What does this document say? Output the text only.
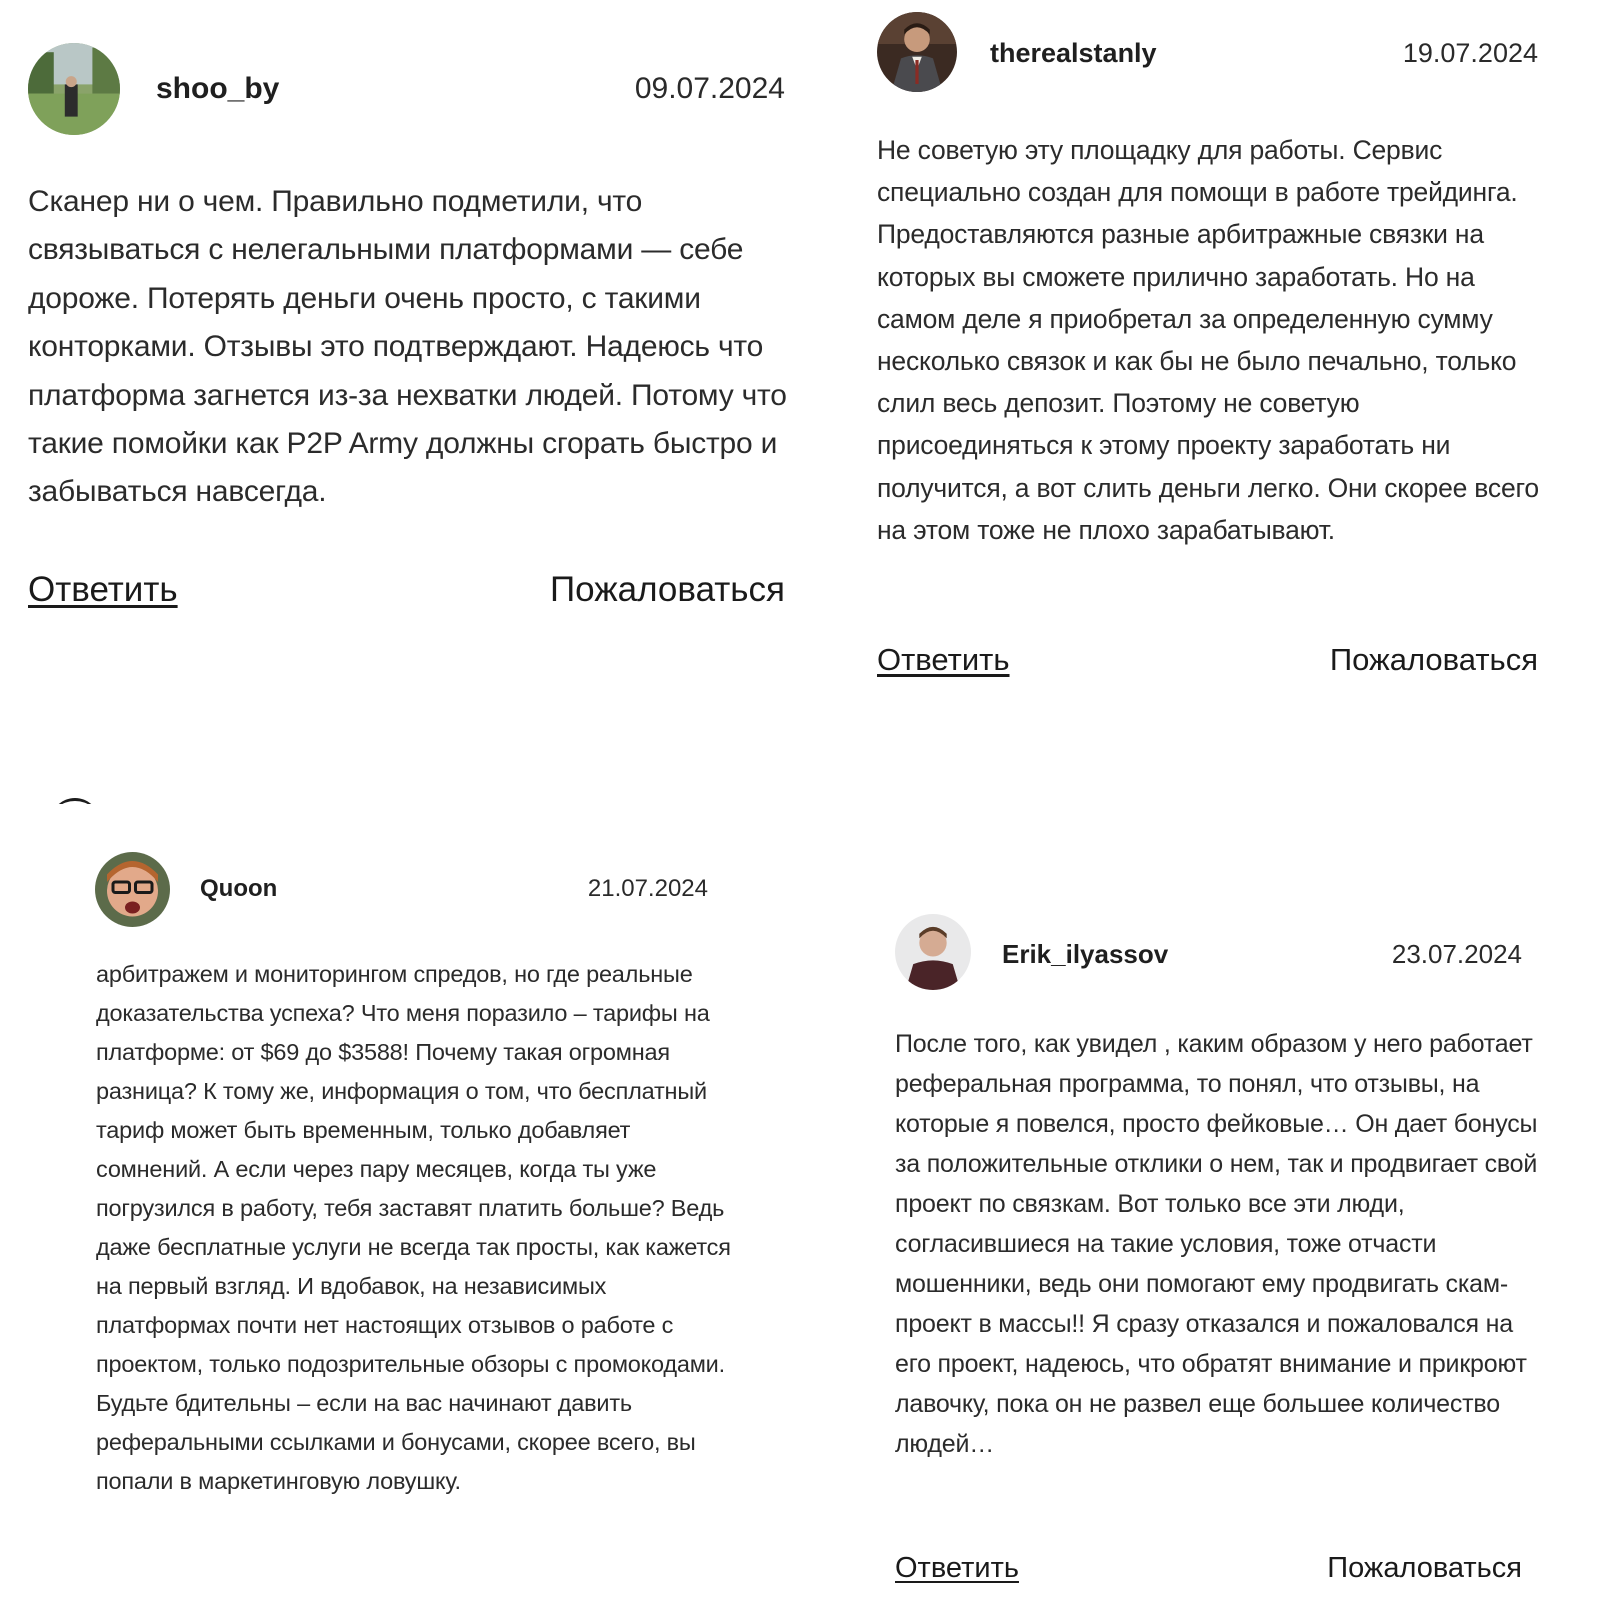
shoo_by	09.07.2024

Сканер ни о чем. Правильно подметили, что связываться с нелегальными платформами — себе дороже. Потерять деньги очень просто, с такими конторками. Отзывы это подтверждают. Надеюсь что платформа загнется из-за нехватки людей. Потому что такие помойки как P2P Army должны сгорать быстро и забываться навсегда.

Ответить	Пожаловаться
therealstanly	19.07.2024

Не советую эту площадку для работы. Сервис специально создан для помощи в работе трейдинга. Предоставляются разные арбитражные связки на которых вы сможете прилично заработать. Но на самом деле я приобретал за определенную сумму несколько связок и как бы не было печально, только слил весь депозит. Поэтому не советую присоединяться к этому проекту заработать ни получится, а вот слить деньги легко. Они скорее всего на этом тоже не плохо зарабатывают.

Ответить	Пожаловаться
Quoon	21.07.2024

арбитражем и мониторингом спредов, но где реальные доказательства успеха? Что меня поразило – тарифы на платформе: от $69 до $3588! Почему такая огромная разница? К тому же, информация о том, что бесплатный тариф может быть временным, только добавляет сомнений. А если через пару месяцев, когда ты уже погрузился в работу, тебя заставят платить больше? Ведь даже бесплатные услуги не всегда так просты, как кажется на первый взгляд. И вдобавок, на независимых платформах почти нет настоящих отзывов о работе с проектом, только подозрительные обзоры с промокодами. Будьте бдительны – если на вас начинают давить реферальными ссылками и бонусами, скорее всего, вы попали в маркетинговую ловушку.

Erik_ilyassov	23.07.2024

После того, как увидел , каким образом у него работает реферальная программа, то понял, что отзывы, на которые я повелся, просто фейковые… Он дает бонусы за положительные отклики о нем, так и продвигает свой проект по связкам. Вот только все эти люди, согласившиеся на такие условия, тоже отчасти мошенники, ведь они помогают ему продвигать скам-проект в массы!! Я сразу отказался и пожаловался на его проект, надеюсь, что обратят внимание и прикроют лавочку, пока он не развел еще большее количество людей…

Ответить	Пожаловаться
